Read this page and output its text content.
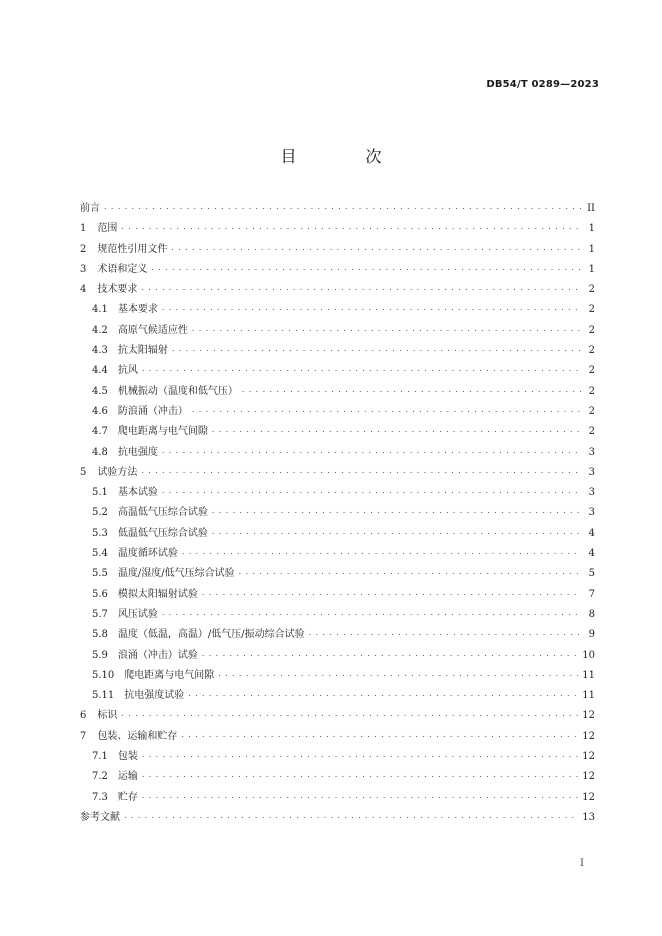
DB54/T 0289—2023
目 次
前言 . . .	II
1 范围 . . .	1
2 规范性引用文件 . . .	1
3 术语和定义 . . .	1
4 技术要求 . . .	2
4.1 基本要求 . . .	2
4.2 高原气候适应性 . . .	2
4.3 抗太阳辐射 . . .	2
4.4 抗风 . . .	2
4.5 机械振动（温度和低气压） . . .	2
4.6 防浪涌（冲击） . . .	2
4.7 爬电距离与电气间隙 . . .	2
4.8 抗电强度 . . .	3
5 试验方法 . . .	3
5.1 基本试验 . . .	3
5.2 高温低气压综合试验 . . .	3
5.3 低温低气压综合试验 . . .	4
5.4 温度循环试验 . . .	4
5.5 温度/湿度/低气压综合试验 . . .	5
5.6 模拟太阳辐射试验 . . .	7
5.7 风压试验 . . .	8
5.8 温度（低温，高温）/低气压/振动综合试验 . . .	9
5.9 浪涌（冲击）试验 . . .	10
5.10 爬电距离与电气间隙 . . .	11
5.11 抗电强度试验 . . .	11
6 标识 . . .	12
7 包装、运输和贮存 . . .	12
7.1 包装 . . .	12
7.2 运输 . . .	12
7.3 贮存 . . .	12
参考文献 . . .	13
I
